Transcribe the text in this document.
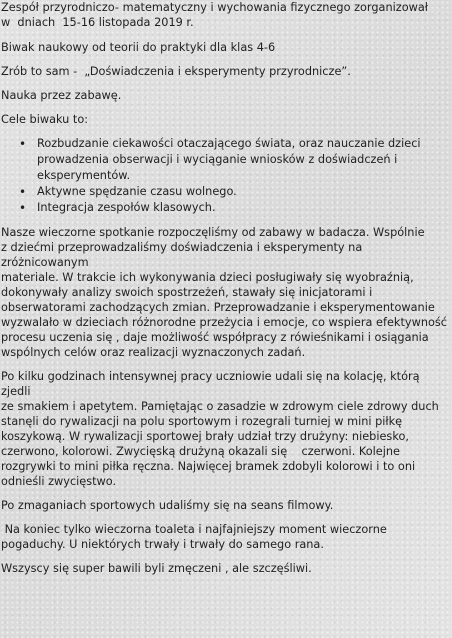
Zespół przyrodniczo- matematyczny i wychowania fizycznego zorganizował

w  dniach  15-16 listopada 2019 r.

Biwak naukowy od teorii do praktyki dla klas 4-6

Zrób to sam -  „Doświadczenia i eksperymenty przyrodnicze”.

Nauka przez zabawę.

Cele biwaku to:

• Rozbudzanie ciekawości otaczającego świata, oraz nauczanie dzieci
prowadzenia obserwacji i wyciąganie wniosków z doświadczeń i
eksperymentów.
• Aktywne spędzanie czasu wolnego.
• Integracja zespołów klasowych.

Nasze wieczorne spotkanie rozpoczęliśmy od zabawy w badacza. Wspólnie

z dziećmi przeprowadzaliśmy doświadczenia i eksperymenty na zróżnicowanym

materiale. W trakcie ich wykonywania dzieci posługiwały się wyobraźnią,

dokonywały analizy swoich spostrzeżeń, stawały się inicjatorami i

obserwatorami zachodzących zmian. Przeprowadzanie i eksperymentowanie

wyzwalało w dzieciach różnorodne przeżycia i emocje, co wspiera efektywność

procesu uczenia się , daje możliwość współpracy z rówieśnikami i osiągania

wspólnych celów oraz realizacji wyznaczonych zadań.

Po kilku godzinach intensywnej pracy uczniowie udali się na kolację, którą zjedli

ze smakiem i apetytem. Pamiętając o zasadzie w zdrowym ciele zdrowy duch

stanęli do rywalizacji na polu sportowym i rozegrali turniej w mini piłkę

koszykową. W rywalizacji sportowej brały udział trzy drużyny: niebiesko,

czerwono, kolorowi. Zwycięską drużyną okazali się    czerwoni. Kolejne

rozgrywki to mini piłka ręczna. Najwięcej bramek zdobyli kolorowi i to oni

odnieśli zwycięstwo.

Po zmaganiach sportowych udaliśmy się na seans filmowy.

Na koniec tylko wieczorna toaleta i najfajniejszy moment wieczorne

pogaduchy. U niektórych trwały i trwały do samego rana.

Wszyscy się super bawili byli zmęczeni , ale szczęśliwi.
